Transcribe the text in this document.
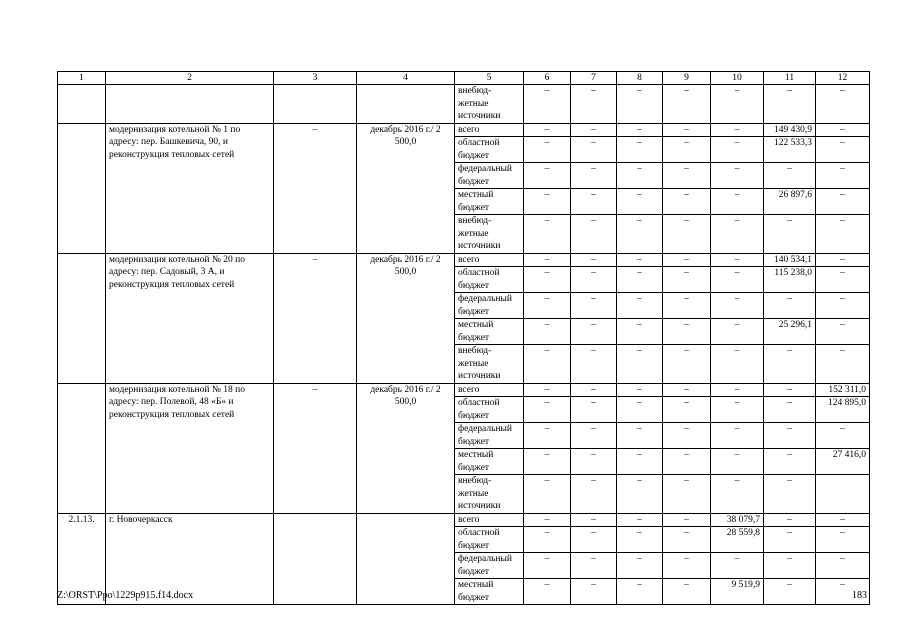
1	2	3	4	5	6	7	8	9	10	11	12
				внебюд-жетные источники	–	–	–	–	–	–	–
	модернизация котельной № 1 по адресу: пер. Башкевича, 90, и реконструкция тепловых сетей	–	декабрь 2016 г./ 2 500,0	всего	–	–	–	–	–	149 430,9	–
				областной бюджет	–	–	–	–	–	122 533,3	–
				федеральный бюджет	–	–	–	–	–	–	–
				местный бюджет	–	–	–	–	–	26 897,6	–
				внебюд-жетные источники	–	–	–	–	–	–	–
	модернизация котельной № 20 по адресу: пер. Садовый, 3 А, и реконструкция тепловых сетей	–	декабрь 2016 г./ 2 500,0	всего	–	–	–	–	–	140 534,1	–
				областной бюджет	–	–	–	–	–	115 238,0	–
				федеральный бюджет	–	–	–	–	–	–	–
				местный бюджет	–	–	–	–	–	25 296,1	–
				внебюд-жетные источники	–	–	–	–	–	–	–
	модернизация котельной № 18 по адресу: пер. Полевой, 48 «Б» и реконструкция тепловых сетей	–	декабрь 2016 г./ 2 500,0	всего	–	–	–	–	–	–	152 311,0
				областной бюджет	–	–	–	–	–	–	124 895,0
				федеральный бюджет	–	–	–	–	–	–	–
				местный бюджет	–	–	–	–	–	–	27 416,0
				внебюд-жетные источники	–	–	–	–	–	–	
2.1.13.	г. Новочеркасск			всего	–	–	–	–	38 079,7	–	–
				областной бюджет	–	–	–	–	28 559,8	–	–
				федеральный бюджет	–	–	–	–	–	–	–
				местный бюджет	–	–	–	–	9 519,9	–	–
Z:\ORST\Ppo\1229p915.f14.docx	183
